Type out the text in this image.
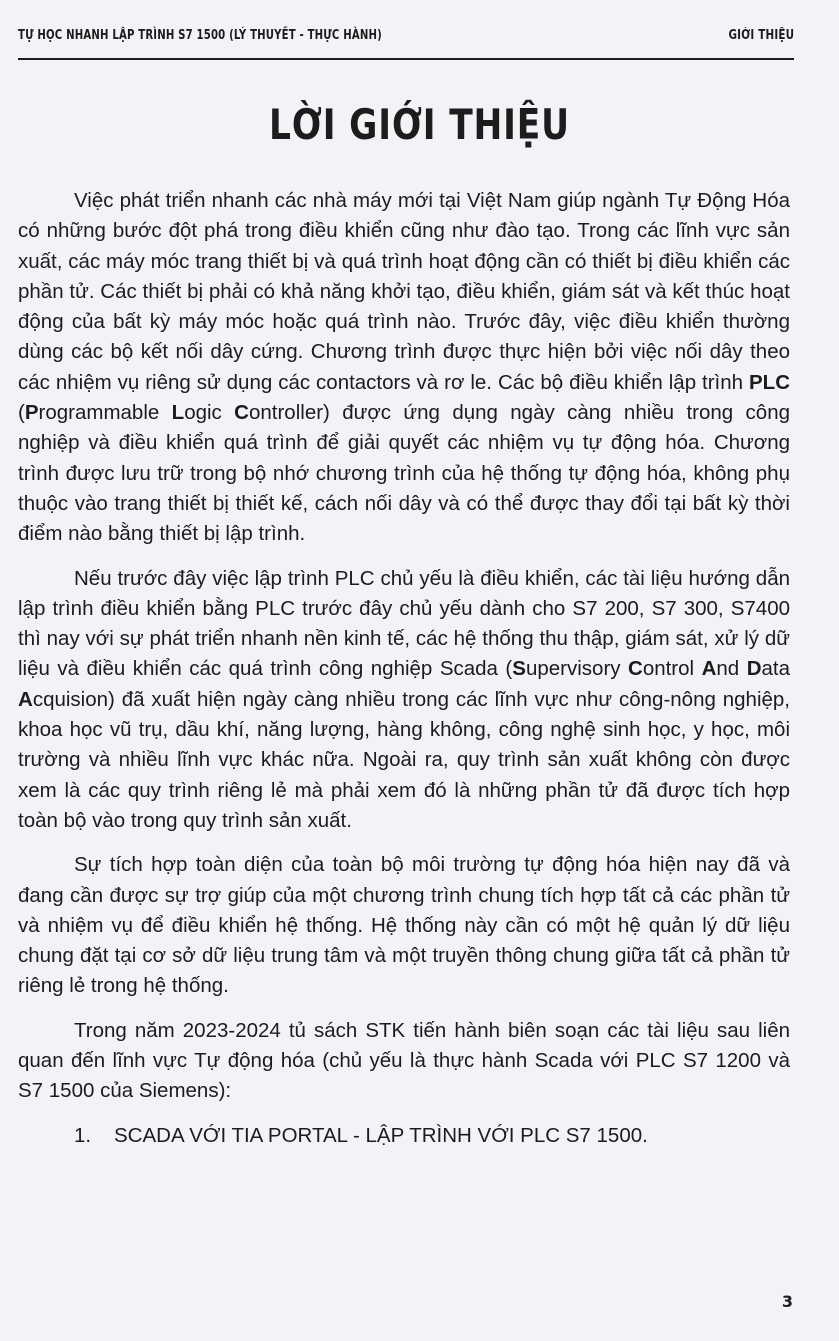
TỰ HỌC NHANH LẬP TRÌNH S7 1500 (LÝ THUYẾT - THỰC HÀNH)	GIỚI THIỆU
LỜI GIỚI THIỆU

Việc phát triển nhanh các nhà máy mới tại Việt Nam giúp ngành Tự Động Hóa có những bước đột phá trong điều khiển cũng như đào tạo. Trong các lĩnh vực sản xuất, các máy móc trang thiết bị và quá trình hoạt động cần có thiết bị điều khiển các phần tử. Các thiết bị phải có khả năng khởi tạo, điều khiển, giám sát và kết thúc hoạt động của bất kỳ máy móc hoặc quá trình nào. Trước đây, việc điều khiển thường dùng các bộ kết nối dây cứng. Chương trình được thực hiện bởi việc nối dây theo các nhiệm vụ riêng sử dụng các contactors và rơ le. Các bộ điều khiển lập trình PLC (Programmable Logic Controller) được ứng dụng ngày càng nhiều trong công nghiệp và điều khiển quá trình để giải quyết các nhiệm vụ tự động hóa. Chương trình được lưu trữ trong bộ nhớ chương trình của hệ thống tự động hóa, không phụ thuộc vào trang thiết bị thiết kế, cách nối dây và có thể được thay đổi tại bất kỳ thời điểm nào bằng thiết bị lập trình.

Nếu trước đây việc lập trình PLC chủ yếu là điều khiển, các tài liệu hướng dẫn lập trình điều khiển bằng PLC trước đây chủ yếu dành cho S7 200, S7 300, S7400 thì nay với sự phát triển nhanh nền kinh tế, các hệ thống thu thập, giám sát, xử lý dữ liệu và điều khiển các quá trình công nghiệp Scada (Supervisory Control And Data Acquision) đã xuất hiện ngày càng nhiều trong các lĩnh vực như công-nông nghiệp, khoa học vũ trụ, dầu khí, năng lượng, hàng không, công nghệ sinh học, y học, môi trường và nhiều lĩnh vực khác nữa. Ngoài ra, quy trình sản xuất không còn được xem là các quy trình riêng lẻ mà phải xem đó là những phần tử đã được tích hợp toàn bộ vào trong quy trình sản xuất.

Sự tích hợp toàn diện của toàn bộ môi trường tự động hóa hiện nay đã và đang cần được sự trợ giúp của một chương trình chung tích hợp tất cả các phần tử và nhiệm vụ để điều khiển hệ thống. Hệ thống này cần có một hệ quản lý dữ liệu chung đặt tại cơ sở dữ liệu trung tâm và một truyền thông chung giữa tất cả phần tử riêng lẻ trong hệ thống.

Trong năm 2023-2024 tủ sách STK tiến hành biên soạn các tài liệu sau liên quan đến lĩnh vực Tự động hóa (chủ yếu là thực hành Scada với PLC S7 1200 và S7 1500 của Siemens):

1. SCADA VỚI TIA PORTAL - LẬP TRÌNH VỚI PLC S7 1500.

3
